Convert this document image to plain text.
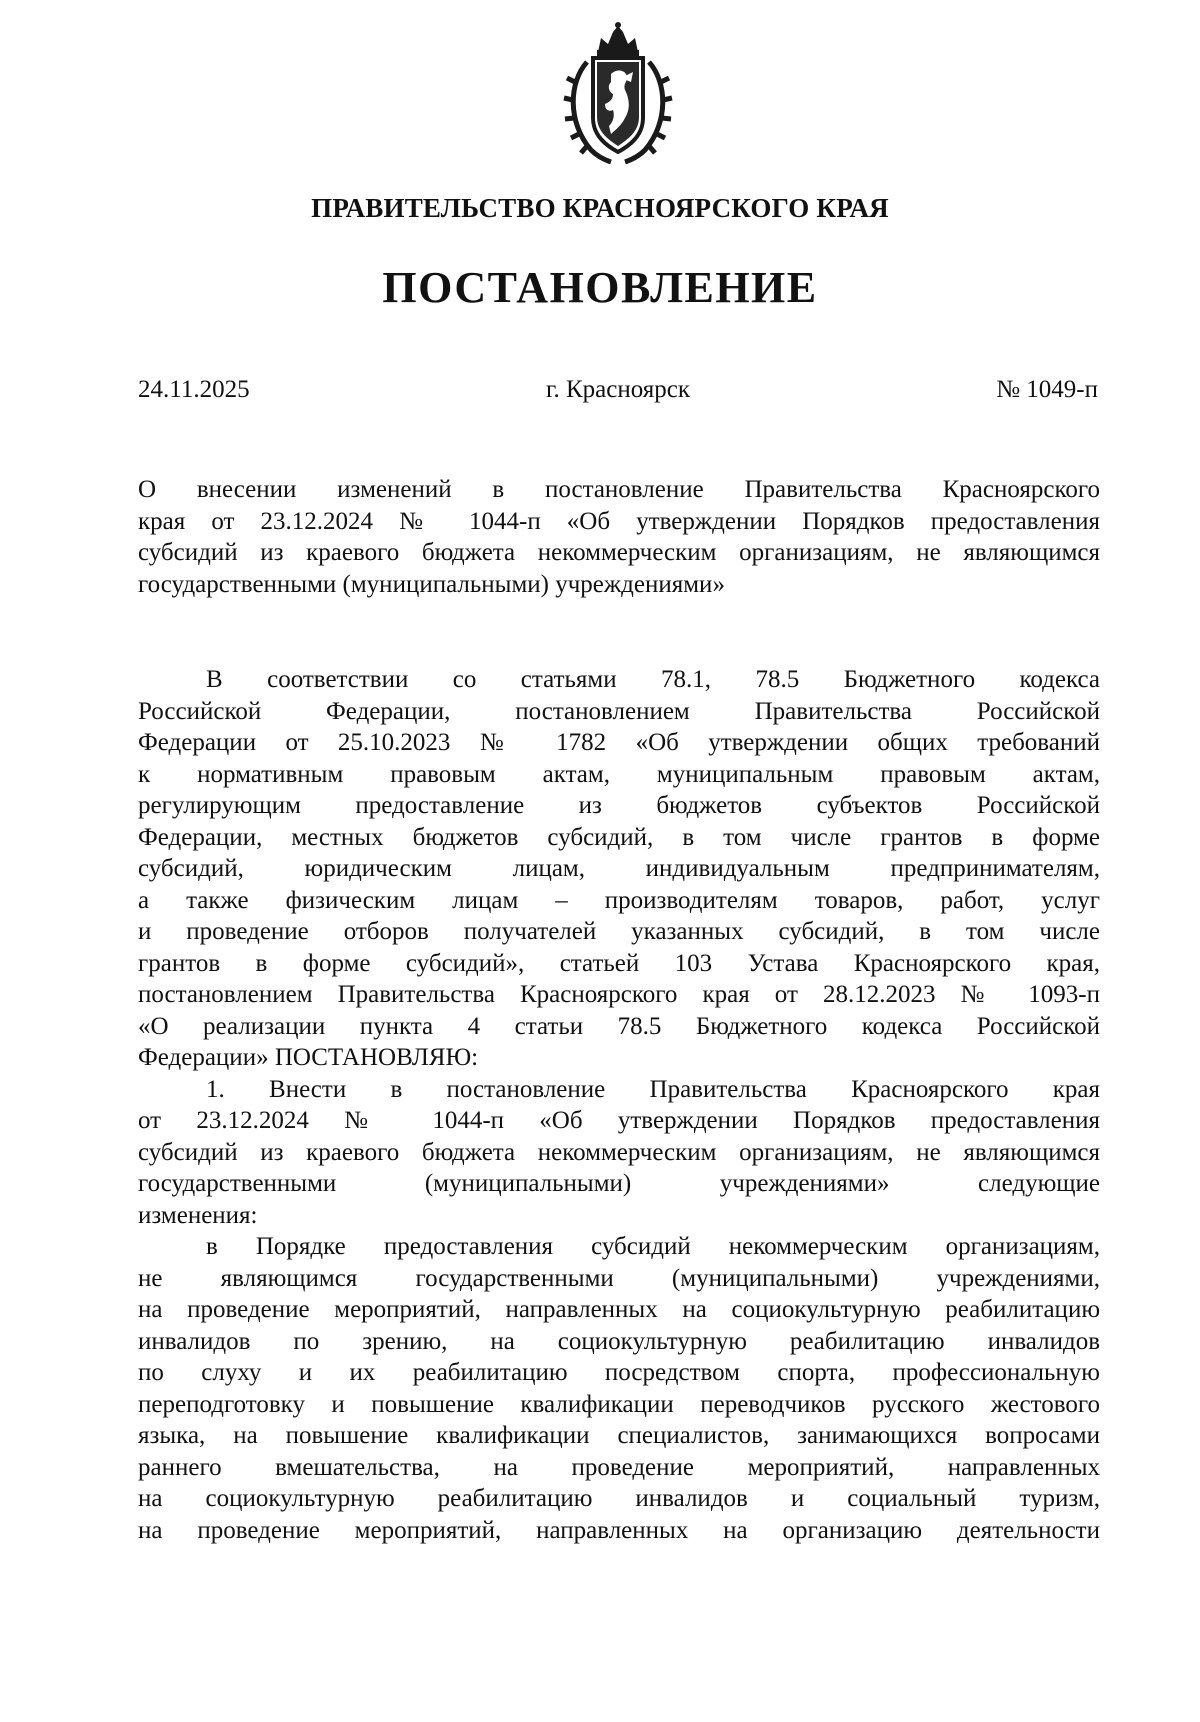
ПРАВИТЕЛЬСТВО КРАСНОЯРСКОГО КРАЯ
ПОСТАНОВЛЕНИЕ
г. Красноярск
24.11.2025	№ 1049-п
О внесении изменений в постановление Правительства Красноярского
края от 23.12.2024 № 1044-п «Об утверждении Порядков предоставления
субсидий из краевого бюджета некоммерческим организациям, не являющимся
государственными (муниципальными) учреждениями»
В соответствии со статьями 78.1, 78.5 Бюджетного кодекса
Российской Федерации, постановлением Правительства Российской
Федерации от 25.10.2023 № 1782 «Об утверждении общих требований
к нормативным правовым актам, муниципальным правовым актам,
регулирующим предоставление из бюджетов субъектов Российской
Федерации, местных бюджетов субсидий, в том числе грантов в форме
субсидий, юридическим лицам, индивидуальным предпринимателям,
а также физическим лицам – производителям товаров, работ, услуг
и проведение отборов получателей указанных субсидий, в том числе
грантов в форме субсидий», статьей 103 Устава Красноярского края,
постановлением Правительства Красноярского края от 28.12.2023 № 1093-п
«О реализации пункта 4 статьи 78.5 Бюджетного кодекса Российской
Федерации» ПОСТАНОВЛЯЮ:
1. Внести в постановление Правительства Красноярского края
от 23.12.2024 № 1044-п «Об утверждении Порядков предоставления
субсидий из краевого бюджета некоммерческим организациям, не являющимся
государственными (муниципальными) учреждениями» следующие
изменения:
в Порядке предоставления субсидий некоммерческим организациям,
не являющимся государственными (муниципальными) учреждениями,
на проведение мероприятий, направленных на социокультурную реабилитацию
инвалидов по зрению, на социокультурную реабилитацию инвалидов
по слуху и их реабилитацию посредством спорта, профессиональную
переподготовку и повышение квалификации переводчиков русского жестового
языка, на повышение квалификации специалистов, занимающихся вопросами
раннего вмешательства, на проведение мероприятий, направленных
на социокультурную реабилитацию инвалидов и социальный туризм,
на проведение мероприятий, направленных на организацию деятельности
